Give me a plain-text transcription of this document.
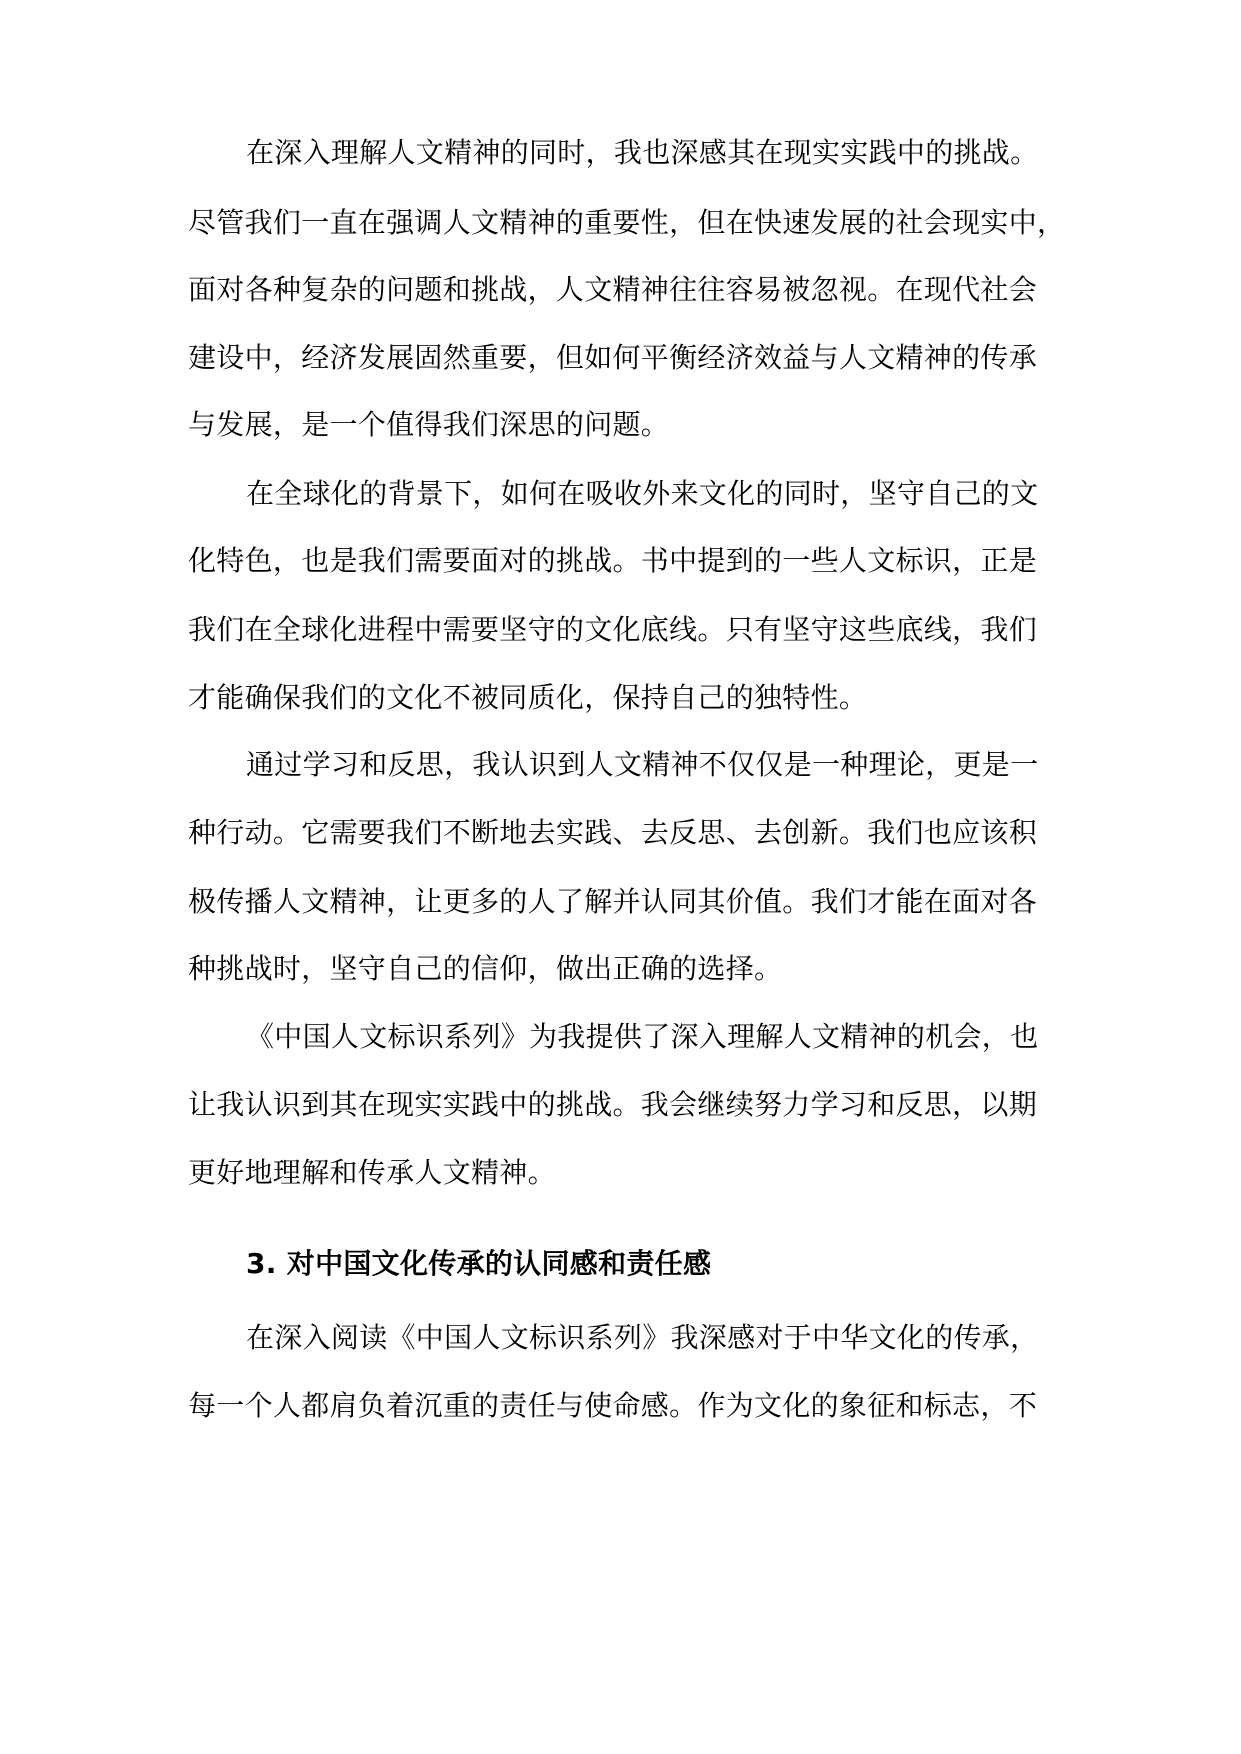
在深入理解人文精神的同时，我也深感其在现实实践中的挑战。
尽管我们一直在强调人文精神的重要性，但在快速发展的社会现实中，
面对各种复杂的问题和挑战，人文精神往往容易被忽视。在现代社会
建设中，经济发展固然重要，但如何平衡经济效益与人文精神的传承
与发展，是一个值得我们深思的问题。
在全球化的背景下，如何在吸收外来文化的同时，坚守自己的文
化特色，也是我们需要面对的挑战。书中提到的一些人文标识，正是
我们在全球化进程中需要坚守的文化底线。只有坚守这些底线，我们
才能确保我们的文化不被同质化，保持自己的独特性。
通过学习和反思，我认识到人文精神不仅仅是一种理论，更是一
种行动。它需要我们不断地去实践、去反思、去创新。我们也应该积
极传播人文精神，让更多的人了解并认同其价值。我们才能在面对各
种挑战时，坚守自己的信仰，做出正确的选择。
《中国人文标识系列》为我提供了深入理解人文精神的机会，也
让我认识到其在现实实践中的挑战。我会继续努力学习和反思，以期
更好地理解和传承人文精神。
3. 对中国文化传承的认同感和责任感
在深入阅读《中国人文标识系列》我深感对于中华文化的传承，
每一个人都肩负着沉重的责任与使命感。作为文化的象征和标志，不
